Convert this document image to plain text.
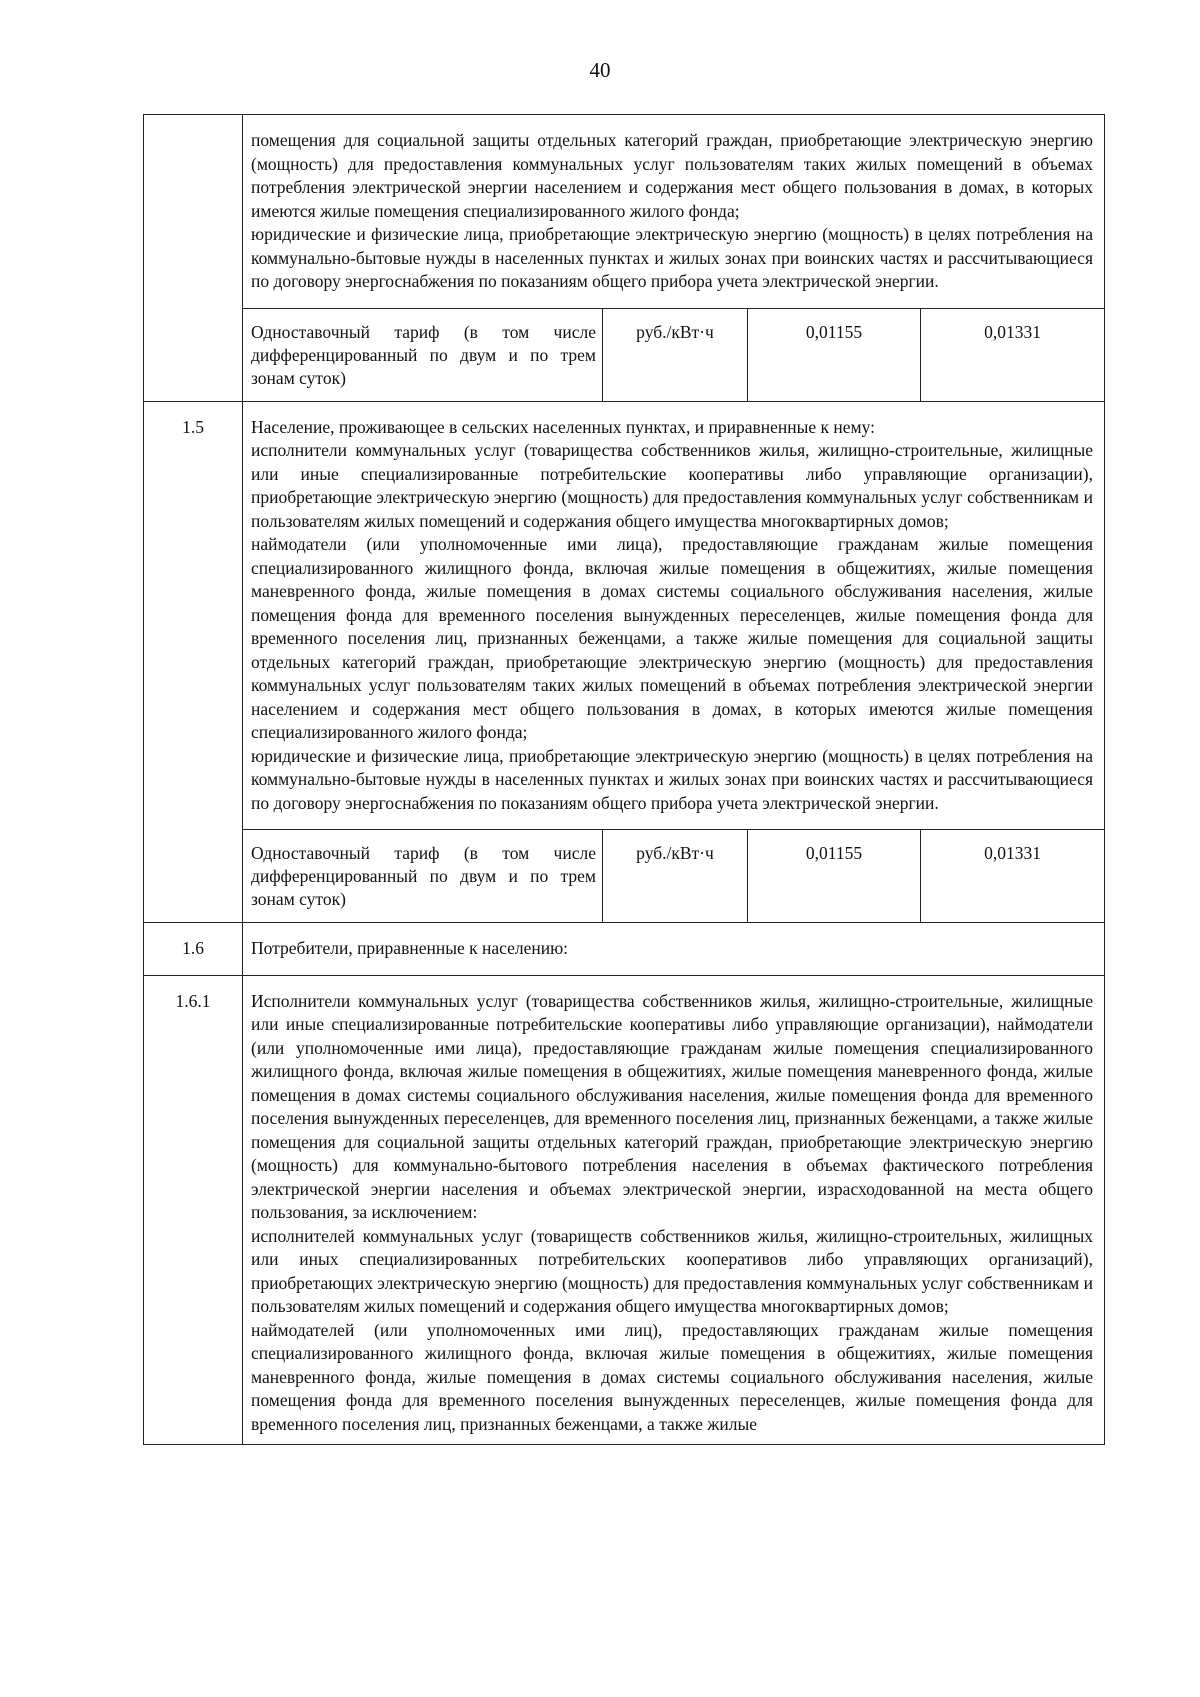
40

помещения для социальной защиты отдельных категорий граждан, приобретающие электрическую энергию (мощность) для предоставления коммунальных услуг пользователям таких жилых помещений в объемах потребления электрической энергии населением и содержания мест общего пользования в домах, в которых имеются жилые помещения специализированного жилого фонда;

юридические и физические лица, приобретающие электрическую энергию (мощность) в целях потребления на коммунально-бытовые нужды в населенных пунктах и жилых зонах при воинских частях и рассчитывающиеся по договору энергоснабжения по показаниям общего прибора учета электрической энергии.

Одноставочный тариф (в том числе дифференцированный по двум и по трем зонам суток)	руб./кВт·ч	0,01155	0,01331

1.5	Население, проживающее в сельских населенных пунктах, и приравненные к нему:

исполнители коммунальных услуг (товарищества собственников жилья, жилищно-строительные, жилищные или иные специализированные потребительские кооперативы либо управляющие организации), приобретающие электрическую энергию (мощность) для предоставления коммунальных услуг собственникам и пользователям жилых помещений и содержания общего имущества многоквартирных домов;

наймодатели (или уполномоченные ими лица), предоставляющие гражданам жилые помещения специализированного жилищного фонда, включая жилые помещения в общежитиях, жилые помещения маневренного фонда, жилые помещения в домах системы социального обслуживания населения, жилые помещения фонда для временного поселения вынужденных переселенцев, жилые помещения фонда для временного поселения лиц, признанных беженцами, а также жилые помещения для социальной защиты отдельных категорий граждан, приобретающие электрическую энергию (мощность) для предоставления коммунальных услуг пользователям таких жилых помещений в объемах потребления электрической энергии населением и содержания мест общего пользования в домах, в которых имеются жилые помещения специализированного жилого фонда;

юридические и физические лица, приобретающие электрическую энергию (мощность) в целях потребления на коммунально-бытовые нужды в населенных пунктах и жилых зонах при воинских частях и рассчитывающиеся по договору энергоснабжения по показаниям общего прибора учета электрической энергии.

Одноставочный тариф (в том числе дифференцированный по двум и по трем зонам суток)	руб./кВт·ч	0,01155	0,01331

1.6	Потребители, приравненные к населению:

1.6.1	Исполнители коммунальных услуг (товарищества собственников жилья, жилищно-строительные, жилищные или иные специализированные потребительские кооперативы либо управляющие организации), наймодатели (или уполномоченные ими лица), предоставляющие гражданам жилые помещения специализированного жилищного фонда, включая жилые помещения в общежитиях, жилые помещения маневренного фонда, жилые помещения в домах системы социального обслуживания населения, жилые помещения фонда для временного поселения вынужденных переселенцев, для временного поселения лиц, признанных беженцами, а также жилые помещения для социальной защиты отдельных категорий граждан, приобретающие электрическую энергию (мощность) для коммунально-бытового потребления населения в объемах фактического потребления электрической энергии населения и объемах электрической энергии, израсходованной на места общего пользования, за исключением:

исполнителей коммунальных услуг (товариществ собственников жилья, жилищно-строительных, жилищных или иных специализированных потребительских кооперативов либо управляющих организаций), приобретающих электрическую энергию (мощность) для предоставления коммунальных услуг собственникам и пользователям жилых помещений и содержания общего имущества многоквартирных домов;

наймодателей (или уполномоченных ими лиц), предоставляющих гражданам жилые помещения специализированного жилищного фонда, включая жилые помещения в общежитиях, жилые помещения маневренного фонда, жилые помещения в домах системы социального обслуживания населения, жилые помещения фонда для временного поселения вынужденных переселенцев, жилые помещения фонда для временного поселения лиц, признанных беженцами, а также жилые
